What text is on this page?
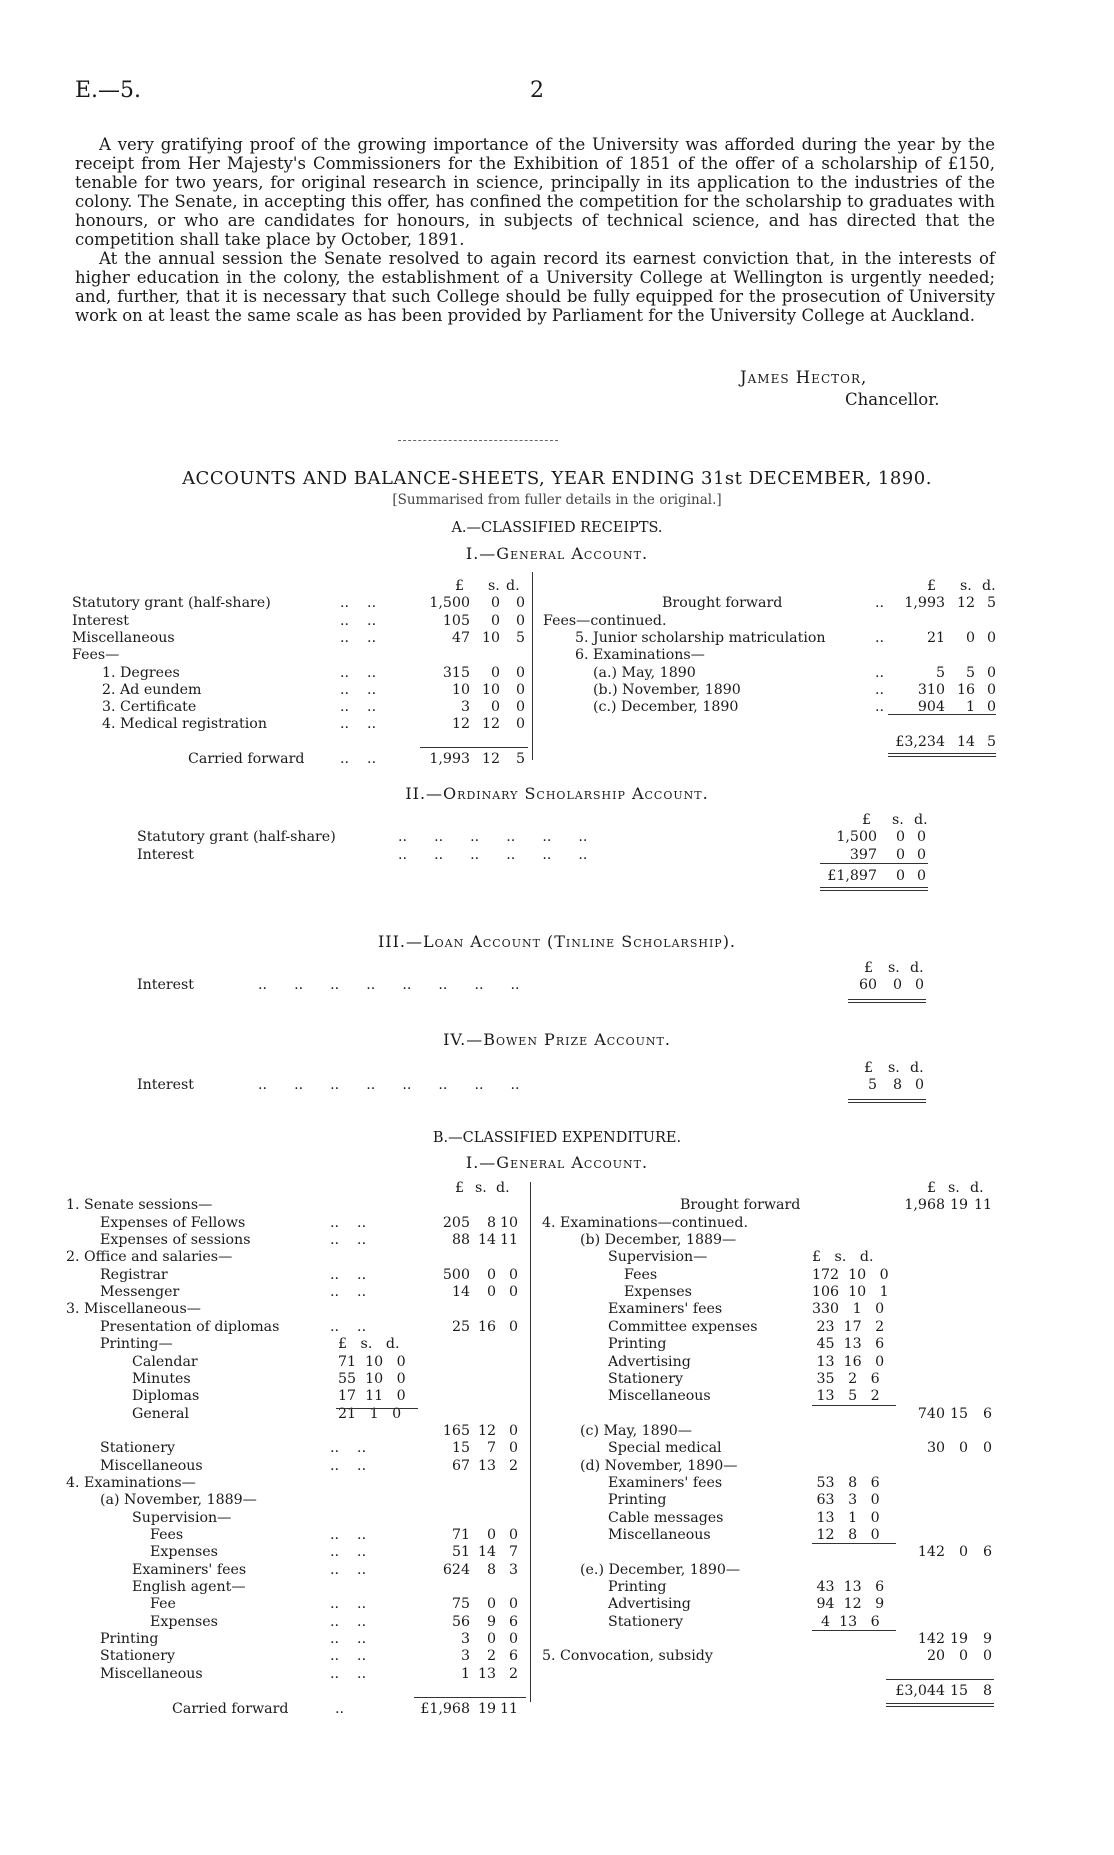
E.—5.	2

A very gratifying proof of the growing importance of the University was afforded during the year by the receipt from Her Majesty's Commissioners for the Exhibition of 1851 of the offer of a scholarship of £150, tenable for two years, for original research in science, principally in its application to the industries of the colony. The Senate, in accepting this offer, has confined the competition for the scholarship to graduates with honours, or who are candidates for honours, in subjects of technical science, and has directed that the competition shall take place by October, 1891.

At the annual session the Senate resolved to again record its earnest conviction that, in the interests of higher education in the colony, the establishment of a University College at Wellington is urgently needed; and, further, that it is necessary that such College should be fully equipped for the prosecution of University work on at least the same scale as has been provided by Parliament for the University College at Auckland.

James Hector,
Chancellor.
ACCOUNTS AND BALANCE-SHEETS, YEAR ENDING 31st DECEMBER, 1890.
[Summarised from fuller details in the original.]
A.—CLASSIFIED RECEIPTS.
I.—General Account.
£	s. d.
Statutory grant (half-share)	..    ..	1,500	0	0
Interest	..    ..	105	0	0
Miscellaneous	..    ..	47 10	5
Fees—
1. Degrees	..    ..	315	0	0
2. Ad eundem	..    ..	10 10	0
3. Certificate	..    ..	3	0	0
4. Medical registration	..    ..	12 12	0
Carried forward	..    ..	1,993 12	5
£	s. d.
Brought forward	..	1,993 12 5
Fees—continued.
5. Junior scholarship matriculation	..	21	0 0
6. Examinations—
(a.) May, 1890	..	5	5 0
(b.) November, 1890	..	310 16 0
(c.) December, 1890	..	904	1 0
£3,234 14 5
II.—Ordinary Scholarship Account.
£	s. d.
Statutory grant (half-share)	..      ..      ..      ..      ..      ..	1,500	0 0
Interest	..      ..      ..      ..      ..      ..	397	0 0
£1,897	0 0
III.—Loan Account (Tinline Scholarship).
£	s. d.
Interest	..      ..      ..      ..      ..      ..      ..      ..	60	0 0
IV.—Bowen Prize Account.
£	s. d.
Interest	..      ..      ..      ..      ..      ..      ..      ..	5	8 0
B.—CLASSIFIED EXPENDITURE.
I.—General Account.
£ s. d.
1. Senate sessions—
Expenses of Fellows	..    ..	205	8 10
Expenses of sessions	..    ..	88 14 11
2. Office and salaries—
Registrar	..    ..	500	0 0
Messenger	..    ..	14	0 0
3. Miscellaneous—
Presentation of diplomas	..    ..	25 16 0
Printing—	£   s.   d.
Calendar	71  10   0
Minutes	55  10   0
Diplomas	17  11   0
General	21   1   0
165 12 0
Stationery	..    ..	15	7 0
Miscellaneous	..    ..	67 13 2
4. Examinations—
(a) November, 1889—
Supervision—
Fees	..    ..	71	0 0
Expenses	..    ..	51 14 7
Examiners' fees	..    ..	624	8 3
English agent—
Fee	..    ..	75	0 0
Expenses	..    ..	56	9 6
Printing	..    ..	3	0 0
Stationery	..    ..	3	2 6
Miscellaneous	..    ..	1 13 2
Carried forward	..	£1,968 19 11
£ s. d.
Brought forward	1,968 19 11
4. Examinations—continued.
(b) December, 1889—
Supervision—	£   s.   d.
Fees	172  10   0
Expenses	106  10   1
Examiners' fees	330   1   0
Committee expenses	23  17   2
Printing	45  13   6
Advertising	13  16   0
Stationery	35   2   6
Miscellaneous	13   5   2
740 15	6
(c) May, 1890—
Special medical	30 0	0
(d) November, 1890—
Examiners' fees	53   8   6
Printing	63   3   0
Cable messages	13   1   0
Miscellaneous	12   8   0
142 0	6
(e.) December, 1890—
Printing	43  13   6
Advertising	94  12   9
Stationery	4  13   6
142 19	9
5. Convocation, subsidy	20 0	0
£3,044 15	8
